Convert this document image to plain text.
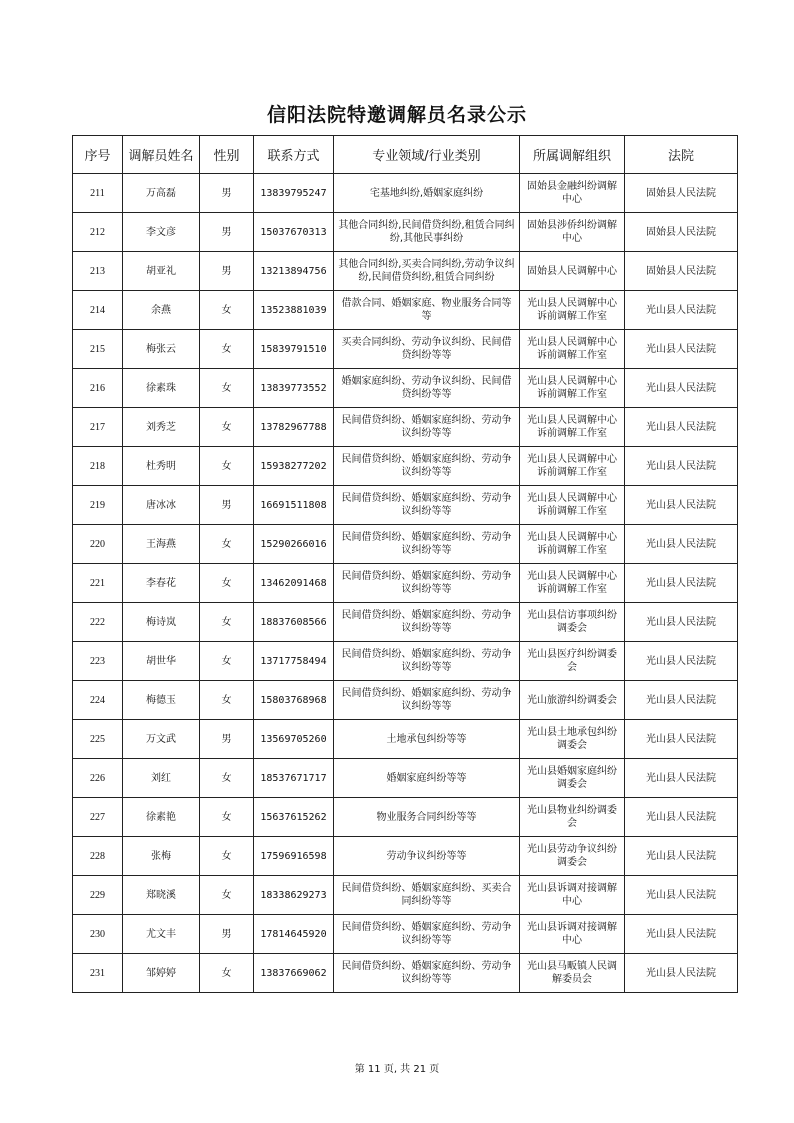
信阳法院特邀调解员名录公示
序号	调解员姓名	性别	联系方式	专业领域/行业类别	所属调解组织	法院
211	万高磊	男	13839795247	宅基地纠纷,婚姻家庭纠纷	固始县金融纠纷调解中心	固始县人民法院
212	李文彦	男	15037670313	其他合同纠纷,民间借贷纠纷,租赁合同纠纷,其他民事纠纷	固始县涉侨纠纷调解中心	固始县人民法院
213	胡亚礼	男	13213894756	其他合同纠纷,买卖合同纠纷,劳动争议纠纷,民间借贷纠纷,租赁合同纠纷	固始县人民调解中心	固始县人民法院
214	余燕	女	13523881039	借款合同、婚姻家庭、物业服务合同等等	光山县人民调解中心诉前调解工作室	光山县人民法院
215	梅张云	女	15839791510	买卖合同纠纷、劳动争议纠纷、民间借贷纠纷等等	光山县人民调解中心诉前调解工作室	光山县人民法院
216	徐素珠	女	13839773552	婚姻家庭纠纷、劳动争议纠纷、民间借贷纠纷等等	光山县人民调解中心诉前调解工作室	光山县人民法院
217	刘秀芝	女	13782967788	民间借贷纠纷、婚姻家庭纠纷、劳动争议纠纷等等	光山县人民调解中心诉前调解工作室	光山县人民法院
218	杜秀明	女	15938277202	民间借贷纠纷、婚姻家庭纠纷、劳动争议纠纷等等	光山县人民调解中心诉前调解工作室	光山县人民法院
219	唐冰冰	男	16691511808	民间借贷纠纷、婚姻家庭纠纷、劳动争议纠纷等等	光山县人民调解中心诉前调解工作室	光山县人民法院
220	王海燕	女	15290266016	民间借贷纠纷、婚姻家庭纠纷、劳动争议纠纷等等	光山县人民调解中心诉前调解工作室	光山县人民法院
221	李春花	女	13462091468	民间借贷纠纷、婚姻家庭纠纷、劳动争议纠纷等等	光山县人民调解中心诉前调解工作室	光山县人民法院
222	梅诗岚	女	18837608566	民间借贷纠纷、婚姻家庭纠纷、劳动争议纠纷等等	光山县信访事项纠纷调委会	光山县人民法院
223	胡世华	女	13717758494	民间借贷纠纷、婚姻家庭纠纷、劳动争议纠纷等等	光山县医疗纠纷调委会	光山县人民法院
224	梅德玉	女	15803768968	民间借贷纠纷、婚姻家庭纠纷、劳动争议纠纷等等	光山旅游纠纷调委会	光山县人民法院
225	万文武	男	13569705260	土地承包纠纷等等	光山县土地承包纠纷调委会	光山县人民法院
226	刘红	女	18537671717	婚姻家庭纠纷等等	光山县婚姻家庭纠纷调委会	光山县人民法院
227	徐素艳	女	15637615262	物业服务合同纠纷等等	光山县物业纠纷调委会	光山县人民法院
228	张梅	女	17596916598	劳动争议纠纷等等	光山县劳动争议纠纷调委会	光山县人民法院
229	郑晓溪	女	18338629273	民间借贷纠纷、婚姻家庭纠纷、买卖合同纠纷等等	光山县诉调对接调解中心	光山县人民法院
230	尤文丰	男	17814645920	民间借贷纠纷、婚姻家庭纠纷、劳动争议纠纷等等	光山县诉调对接调解中心	光山县人民法院
231	邹婷婷	女	13837669062	民间借贷纠纷、婚姻家庭纠纷、劳动争议纠纷等等	光山县马畈镇人民调解委员会	光山县人民法院
第 11 页, 共 21 页
